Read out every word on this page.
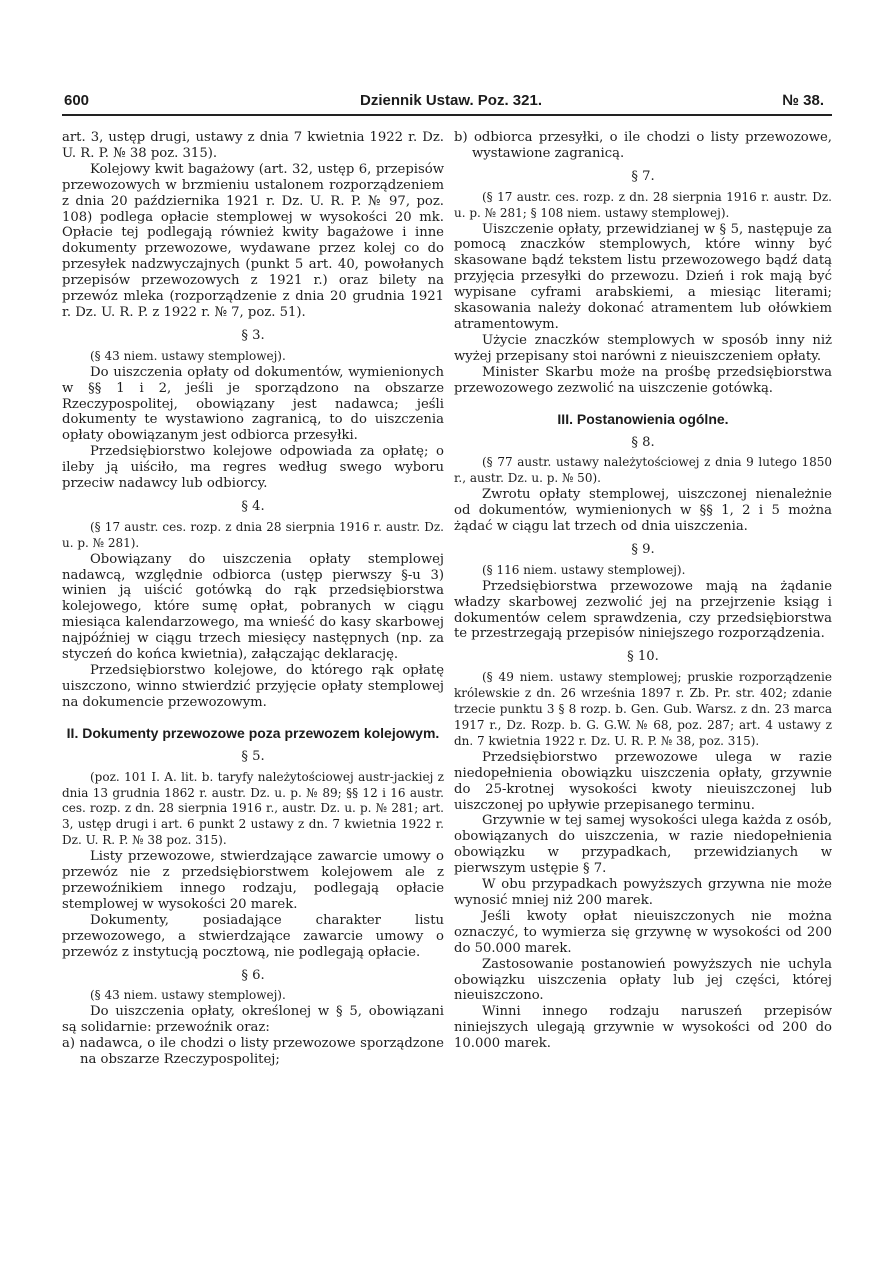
600	Dziennik Ustaw. Poz. 321.	№ 38.

art. 3, ustęp drugi, ustawy z dnia 7 kwietnia 1922 r. Dz. U. R. P. № 38 poz. 315).

Kolejowy kwit bagażowy (art. 32, ustęp 6, przepisów przewozowych w brzmieniu ustalonem rozporządzeniem z dnia 20 października 1921 r. Dz. U. R. P. № 97, poz. 108) podlega opłacie stemplowej w wysokości 20 mk. Opłacie tej podlegają również kwity bagażowe i inne dokumenty przewozowe, wydawane przez kolej co do przesyłek nadzwyczajnych (punkt 5 art. 40, powołanych przepisów przewozowych z 1921 r.) oraz bilety na przewóz mleka (rozporządzenie z dnia 20 grudnia 1921 r. Dz. U. R. P. z 1922 r. № 7, poz. 51).

§ 3.

(§ 43 niem. ustawy stemplowej).

Do uiszczenia opłaty od dokumentów, wymienionych w §§ 1 i 2, jeśli je sporządzono na obszarze Rzeczypospolitej, obowiązany jest nadawca; jeśli dokumenty te wystawiono zagranicą, to do uiszczenia opłaty obowiązanym jest odbiorca przesyłki.

Przedsiębiorstwo kolejowe odpowiada za opłatę; o ileby ją uiściło, ma regres według swego wyboru przeciw nadawcy lub odbiorcy.

§ 4.

(§ 17 austr. ces. rozp. z dnia 28 sierpnia 1916 r. austr. Dz. u. p. № 281).

Obowiązany do uiszczenia opłaty stemplowej nadawcą, względnie odbiorca (ustęp pierwszy §-u 3) winien ją uiścić gotówką do rąk przedsiębiorstwa kolejowego, które sumę opłat, pobranych w ciągu miesiąca kalendarzowego, ma wnieść do kasy skarbowej najpóźniej w ciągu trzech miesięcy następnych (np. za styczeń do końca kwietnia), załączając deklarację.

Przedsiębiorstwo kolejowe, do którego rąk opłatę uiszczono, winno stwierdzić przyjęcie opłaty stemplowej na dokumencie przewozowym.

II. Dokumenty przewozowe poza przewozem kolejowym.
§ 5.

(poz. 101 I. A. lit. b. taryfy należytościowej austr-jackiej z dnia 13 grudnia 1862 r. austr. Dz. u. p. № 89; §§ 12 i 16 austr. ces. rozp. z dn. 28 sierpnia 1916 r., austr. Dz. u. p. № 281; art. 3, ustęp drugi i art. 6 punkt 2 ustawy z dn. 7 kwietnia 1922 r. Dz. U. R. P. № 38 poz. 315).

Listy przewozowe, stwierdzające zawarcie umowy o przewóz nie z przedsiębiorstwem kolejowem ale z przewoźnikiem innego rodzaju, podlegają opłacie stemplowej w wysokości 20 marek.

Dokumenty, posiadające charakter listu przewozowego, a stwierdzające zawarcie umowy o przewóz z instytucją pocztową, nie podlegają opłacie.

§ 6.

(§ 43 niem. ustawy stemplowej).

Do uiszczenia opłaty, określonej w § 5, obowiązani są solidarnie: przewoźnik oraz:

a) nadawca, o ile chodzi o listy przewozowe sporządzone na obszarze Rzeczypospolitej;

b) odbiorca przesyłki, o ile chodzi o listy przewozowe, wystawione zagranicą.

§ 7.

(§ 17 austr. ces. rozp. z dn. 28 sierpnia 1916 r. austr. Dz. u. p. № 281; § 108 niem. ustawy stemplowej).

Uiszczenie opłaty, przewidzianej w § 5, następuje za pomocą znaczków stemplowych, które winny być skasowane bądź tekstem listu przewozowego bądź datą przyjęcia przesyłki do przewozu. Dzień i rok mają być wypisane cyframi arabskiemi, a miesiąc literami; skasowania należy dokonać atramentem lub ołówkiem atramentowym.

Użycie znaczków stemplowych w sposób inny niż wyżej przepisany stoi narówni z nieuiszczeniem opłaty.

Minister Skarbu może na prośbę przedsiębiorstwa przewozowego zezwolić na uiszczenie gotówką.

III. Postanowienia ogólne.
§ 8.

(§ 77 austr. ustawy należytościowej z dnia 9 lutego 1850 r., austr. Dz. u. p. № 50).

Zwrotu opłaty stemplowej, uiszczonej nienależnie od dokumentów, wymienionych w §§ 1, 2 i 5 można żądać w ciągu lat trzech od dnia uiszczenia.

§ 9.

(§ 116 niem. ustawy stemplowej).

Przedsiębiorstwa przewozowe mają na żądanie władzy skarbowej zezwolić jej na przejrzenie ksiąg i dokumentów celem sprawdzenia, czy przedsiębiorstwa te przestrzegają przepisów niniejszego rozporządzenia.

§ 10.

(§ 49 niem. ustawy stemplowej; pruskie rozporządzenie królewskie z dn. 26 września 1897 r. Zb. Pr. str. 402; zdanie trzecie punktu 3 § 8 rozp. b. Gen. Gub. Warsz. z dn. 23 marca 1917 r., Dz. Rozp. b. G. G.W. № 68, poz. 287; art. 4 ustawy z dn. 7 kwietnia 1922 r. Dz. U. R. P. № 38, poz. 315).

Przedsiębiorstwo przewozowe ulega w razie niedopełnienia obowiązku uiszczenia opłaty, grzywnie do 25-krotnej wysokości kwoty nieuiszczonej lub uiszczonej po upływie przepisanego terminu.

Grzywnie w tej samej wysokości ulega każda z osób, obowiązanych do uiszczenia, w razie niedopełnienia obowiązku w przypadkach, przewidzianych w pierwszym ustępie § 7.

W obu przypadkach powyższych grzywna nie może wynosić mniej niż 200 marek.

Jeśli kwoty opłat nieuiszczonych nie można oznaczyć, to wymierza się grzywnę w wysokości od 200 do 50.000 marek.

Zastosowanie postanowień powyższych nie uchyla obowiązku uiszczenia opłaty lub jej części, której nieuiszczono.

Winni innego rodzaju naruszeń przepisów niniejszych ulegają grzywnie w wysokości od 200 do 10.000 marek.
